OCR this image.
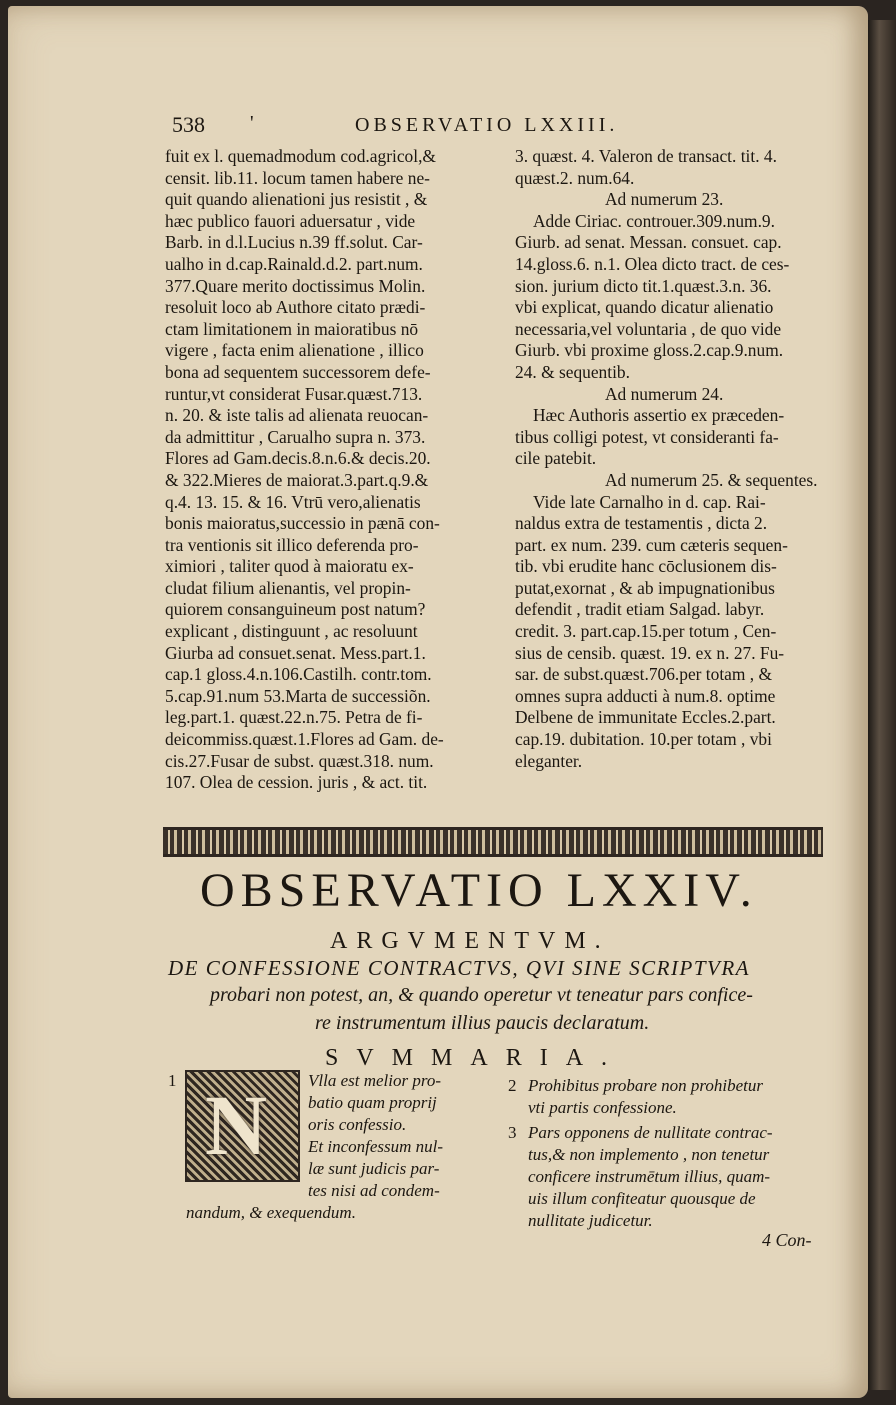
538 '	OBSERVATIO LXXIII.
fuit ex l. quemadmodum cod.agricol,&
censit. lib.11. locum tamen habere ne-
quit quando alienationi jus resistit , &
hæc publico fauori aduersatur , vide
Barb. in d.l.Lucius n.39 ff.solut. Car-
ualho in d.cap.Rainald.d.2. part.num.
377.Quare merito doctissimus Molin.
resoluit loco ab Authore citato prædi-
ctam limitationem in maioratibus nō
vigere , facta enim alienatione , illico
bona ad sequentem successorem defe-
runtur,vt considerat Fusar.quæst.713.
n. 20. & iste talis ad alienata reuocan-
da admittitur , Carualho supra n. 373.
Flores ad Gam.decis.8.n.6.& decis.20.
& 322.Mieres de maiorat.3.part.q.9.&
q.4. 13. 15. & 16. Vtrū vero,alienatis
bonis maioratus,successio in pænā con-
tra ventionis sit illico deferenda pro-
ximiori , taliter quod à maioratu ex-
cludat filium alienantis, vel propin-
quiorem consanguineum post natum?
explicant , distinguunt , ac resoluunt
Giurba ad consuet.senat. Mess.part.1.
cap.1 gloss.4.n.106.Castilh. contr.tom.
5.cap.91.num 53.Marta de successiõn.
leg.part.1. quæst.22.n.75. Petra de fi-
deicommiss.quæst.1.Flores ad Gam. de-
cis.27.Fusar de subst. quæst.318. num.
107. Olea de cession. juris , & act. tit.
3. quæst. 4. Valeron de transact. tit. 4.
quæst.2. num.64.
Ad numerum 23.
Adde Ciriac. controuer.309.num.9.
Giurb. ad senat. Messan. consuet. cap.
14.gloss.6. n.1. Olea dicto tract. de ces-
sion. jurium dicto tit.1.quæst.3.n. 36.
vbi explicat, quando dicatur alienatio
necessaria,vel voluntaria , de quo vide
Giurb. vbi proxime gloss.2.cap.9.num.
24. & sequentib.
Ad numerum 24.
Hæc Authoris assertio ex præceden-
tibus colligi potest, vt consideranti fa-
cile patebit.
Ad numerum 25. & sequentes.
Vide late Carnalho in d. cap. Rai-
naldus extra de testamentis , dicta 2.
part. ex num. 239. cum cæteris sequen-
tib. vbi erudite hanc cōclusionem dis-
putat,exornat , & ab impugnationibus
defendit , tradit etiam Salgad. labyr.
credit. 3. part.cap.15.per totum , Cen-
sius de censib. quæst. 19. ex n. 27. Fu-
sar. de subst.quæst.706.per totam , &
omnes supra adducti à num.8. optime
Delbene de immunitate Eccles.2.part.
cap.19. dubitation. 10.per totam , vbi
eleganter.
OBSERVATIO LXXIV.
ARGVMENTVM.
DE CONFESSIONE CONTRACTVS, QVI SINE SCRIPTVRA
probari non potest, an, & quando operetur vt teneatur pars confice-
re instrumentum illius paucis declaratum.
SVMMARIA.
N
1	Vlla est melior pro-
batio quam proprij
oris confessio.
Et inconfessum nul-
læ sunt judicis par-
tes nisi ad condem-
nandum, & exequendum.
2 Prohibitus probare non prohibetur
vti partis confessione.
3 Pars opponens de nullitate contrac-
tus,& non implemento , non tenetur
conficere instrumētum illius, quam-
uis illum confiteatur quousque de
nullitate judicetur.
4 Con-
